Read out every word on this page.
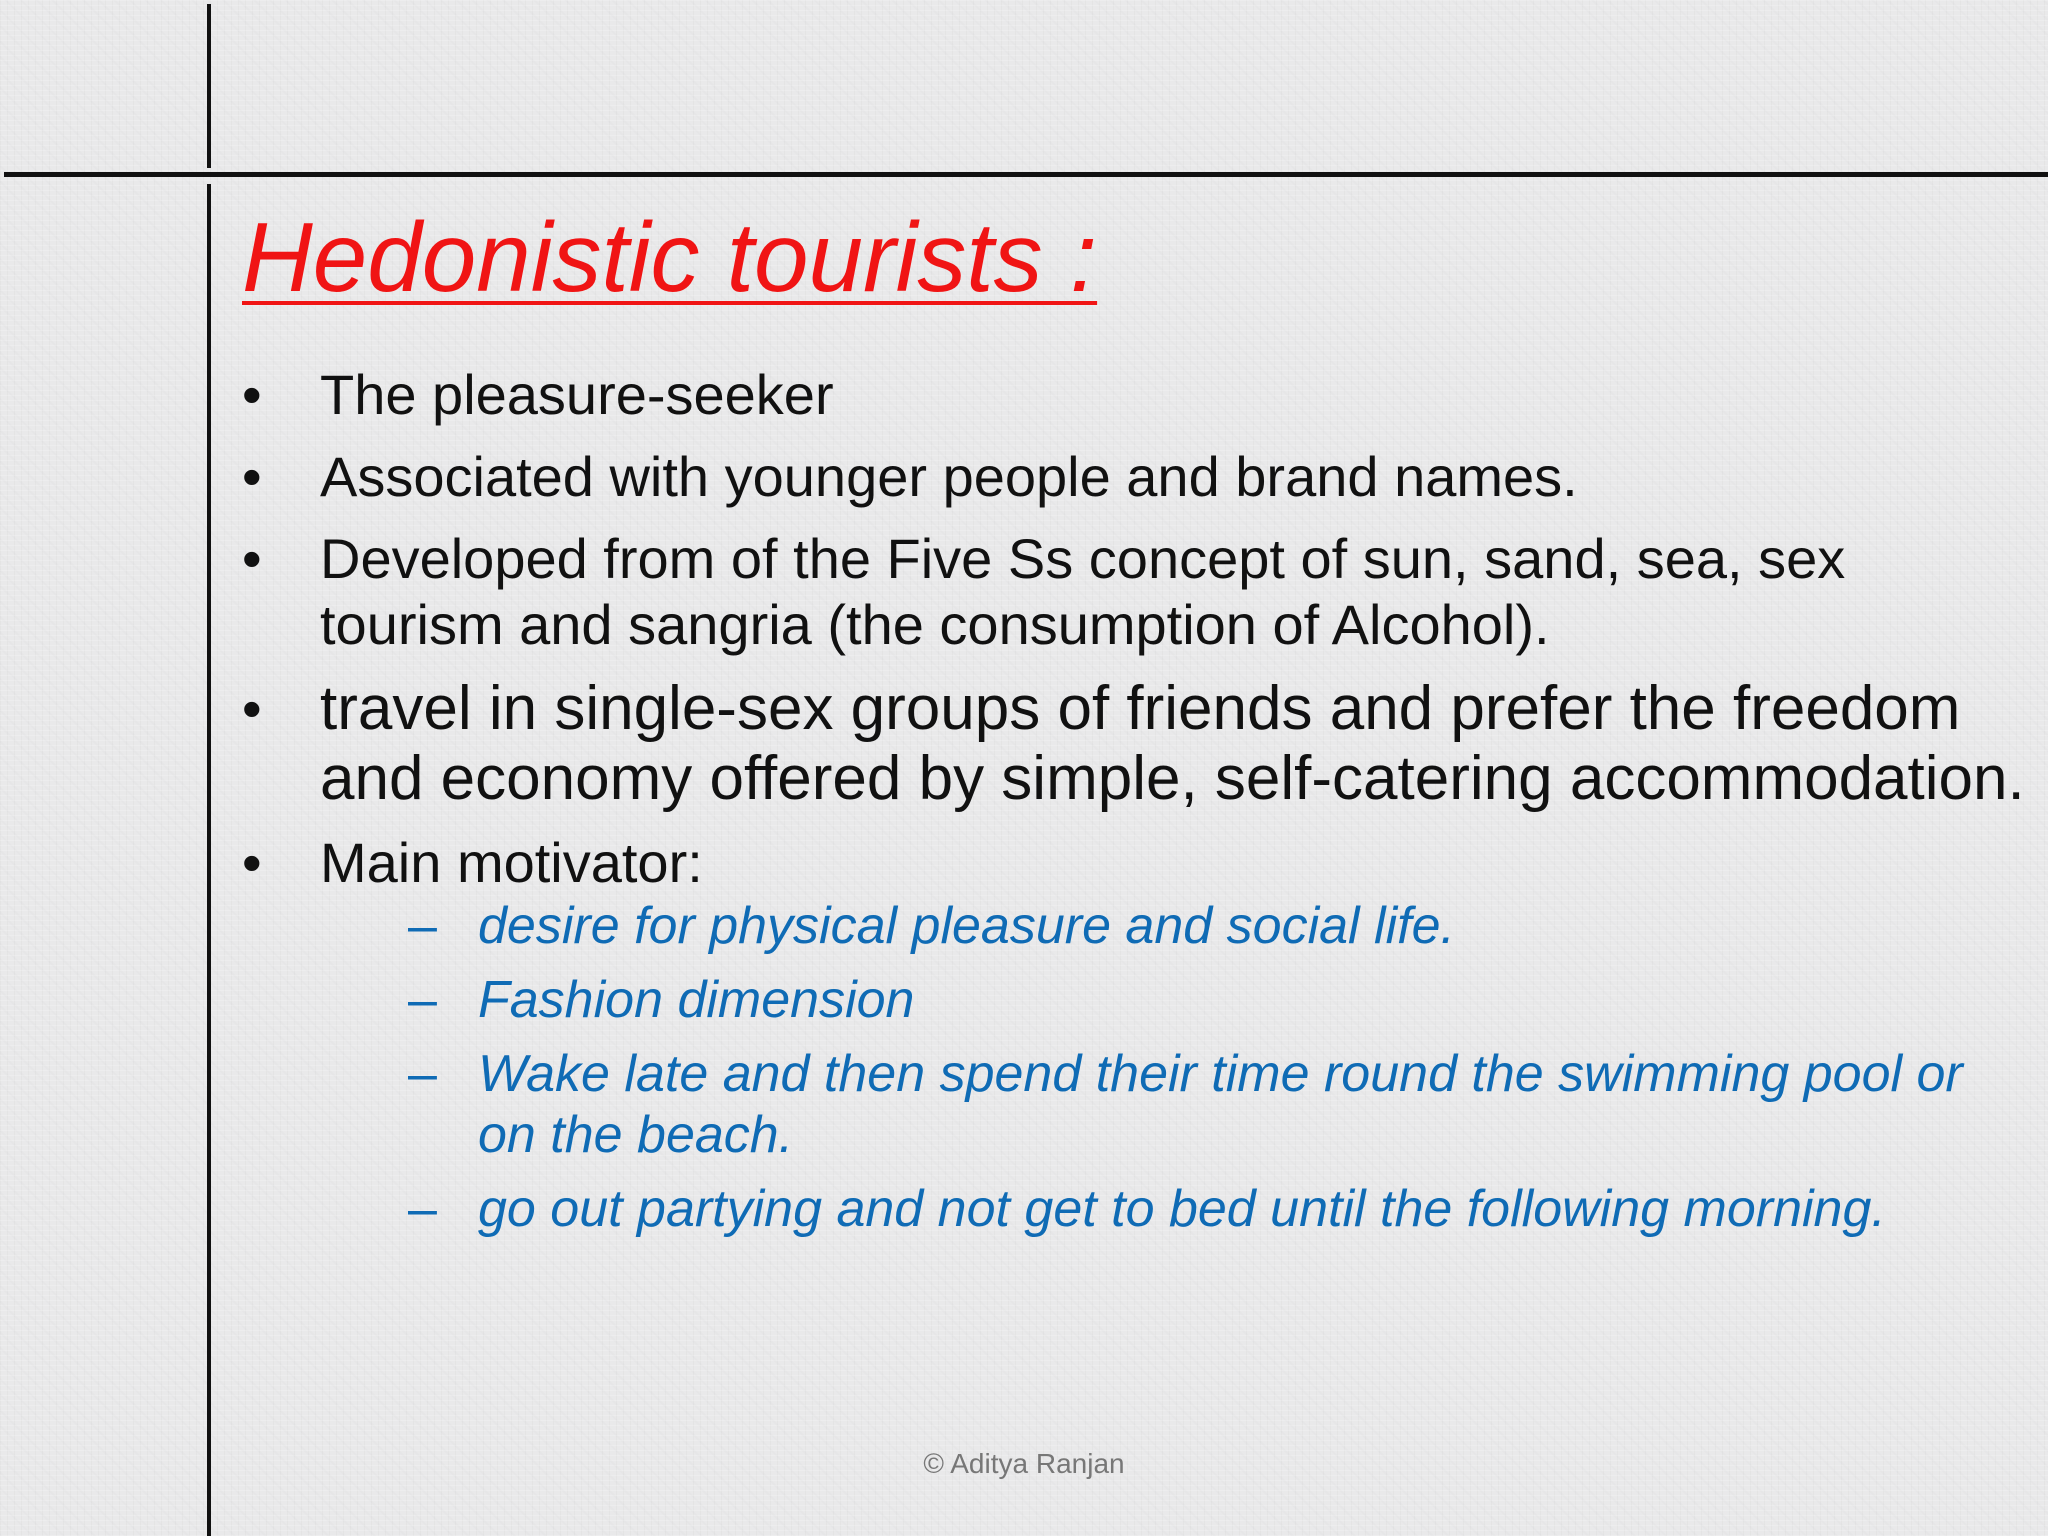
Hedonistic tourists :
• The pleasure-seeker
• Associated with younger people and brand names.
• Developed from of the Five Ss concept of sun, sand, sea, sex tourism and sangria (the consumption of Alcohol).
• travel in single-sex groups of friends and prefer the freedom and economy offered by simple, self-catering accommodation.
• Main motivator:
– desire for physical pleasure and social life.
– Fashion dimension
– Wake late and then spend their time round the swimming pool or on the beach.
– go out partying and not get to bed until the following morning.
© Aditya Ranjan
